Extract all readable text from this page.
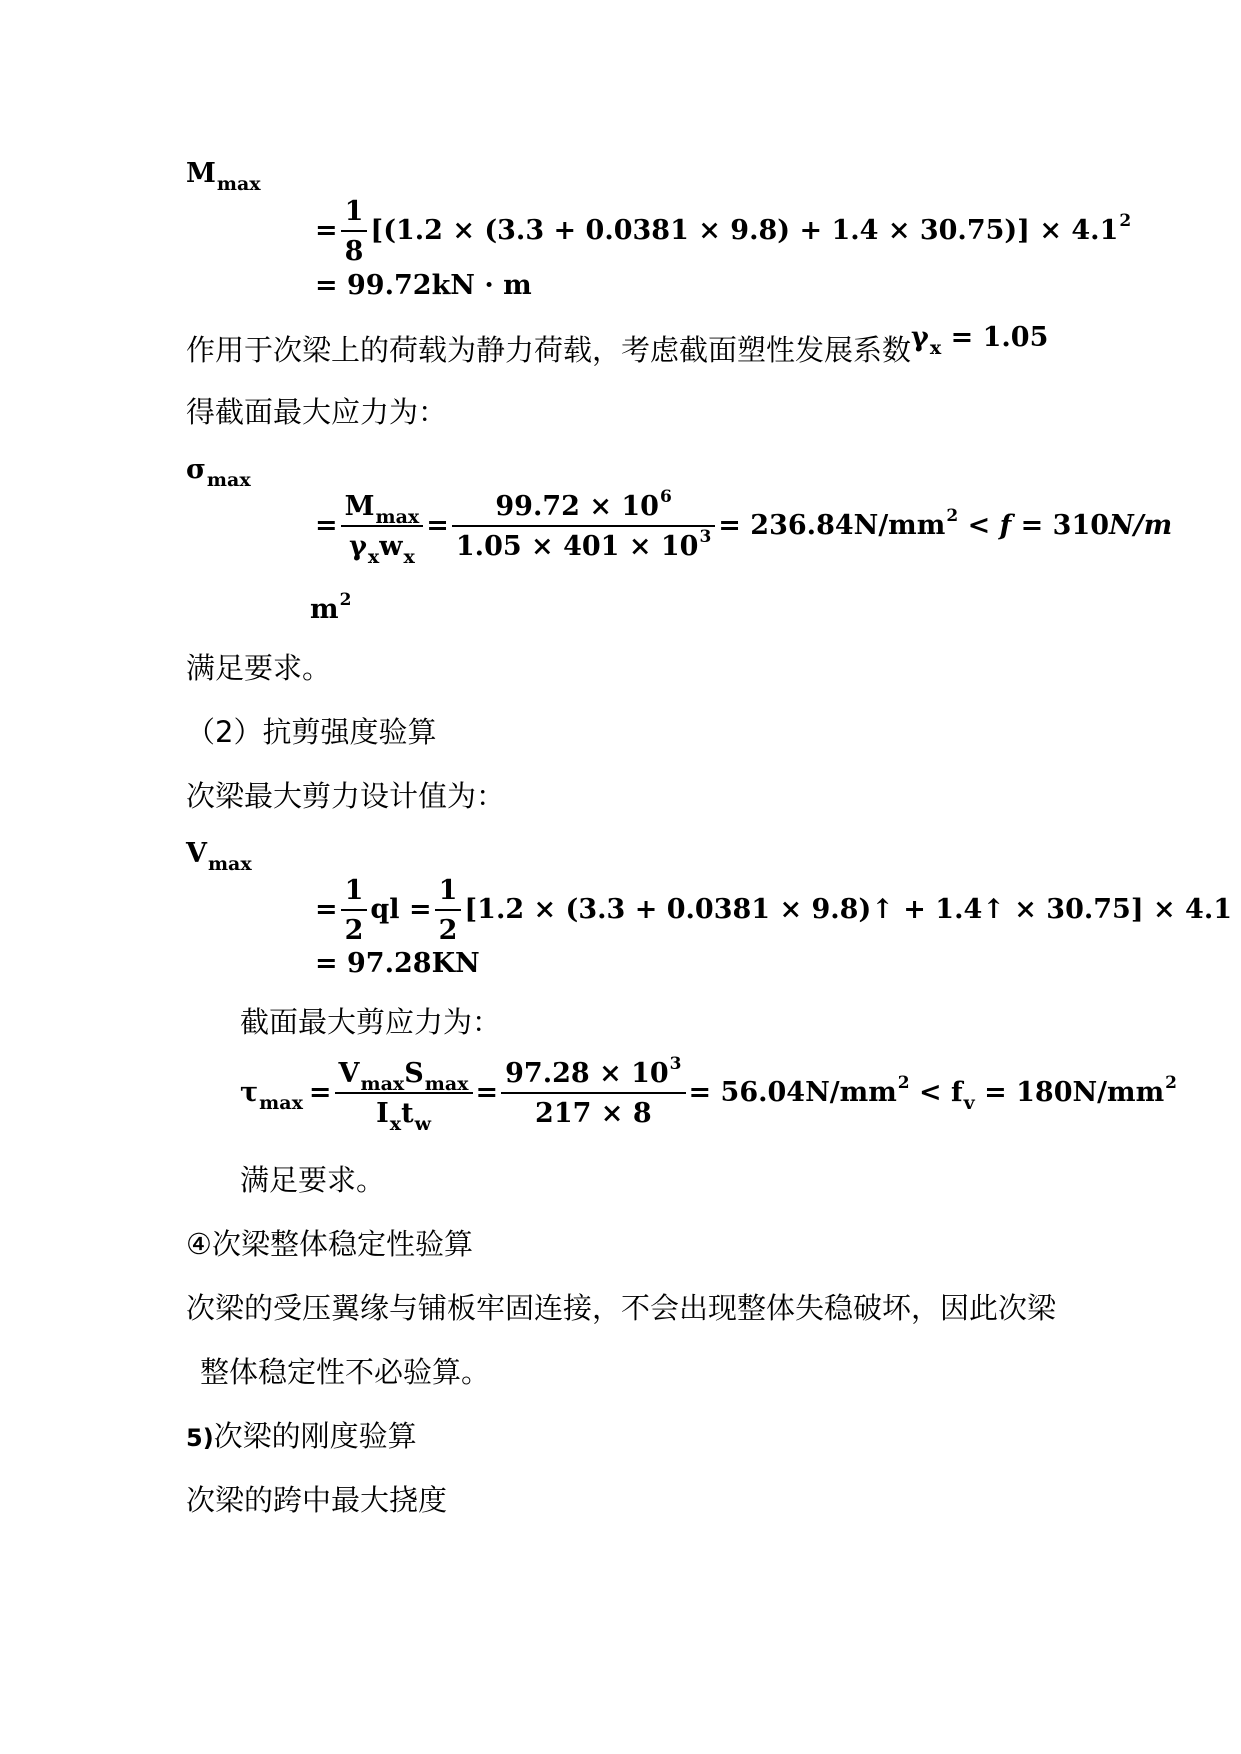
$M_{max}$
= $\frac{1}{8} [(1.2 \times (3.3 + 0.0381 \times 9.8) + 1.4 \times 30.75)] \times 4.1^2$
= 99.72kN · m
作用于次梁上的荷载为静力荷载，考虑截面塑性发展系数$\gamma_x = 1.05$
得截面最大应力为：
$\sigma_{max}$
= $\frac{M_{max}}{\gamma_xw_x} = \frac{99.72 \times 10^6}{1.05 \times 401 \times 10^3} = 236.84N/mm^2 < f = 310N/m$
$m^2$
满足要求。
（2）抗剪强度验算
次梁最大剪力设计值为：
$V_{max}$
= $\frac{1}{2}$ ql = $\frac{1}{2} [1.2 \times (3.3 + 0.0381$ × 9.8)↑ + 1.4↑ × 30.75] × 4.1
= 97.28KN
截面最大剪应力为：
$\tau_{max} = \frac{V_{max}S_{max}}{I_xt_w} = \frac{97.28 \times 10^3}{217 \times 8} = 56.04N/mm^2 < f_v = 180N/mm^2$
满足要求。
④次梁整体稳定性验算
次梁的受压翼缘与铺板牢固连接，不会出现整体失稳破坏，因此次梁
整体稳定性不必验算。
5)次梁的刚度验算
次梁的跨中最大挠度
